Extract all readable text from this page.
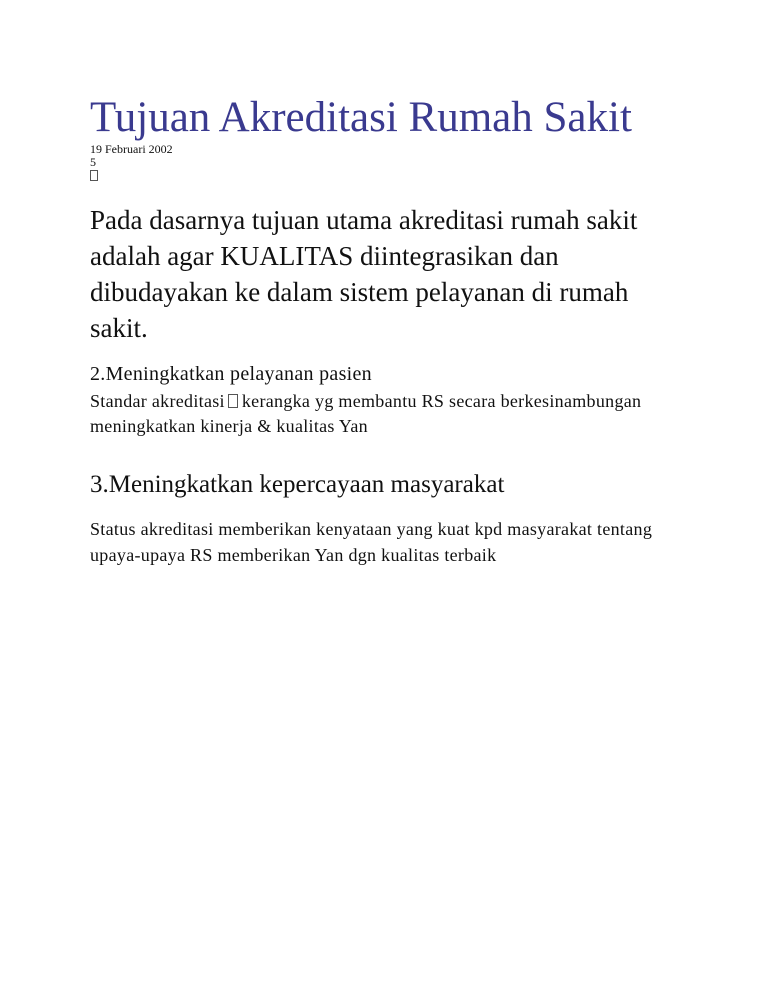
Tujuan Akreditasi Rumah Sakit
19 Februari 2002
5

Pada dasarnya tujuan utama akreditasi rumah sakit adalah agar KUALITAS diintegrasikan dan dibudayakan ke dalam sistem pelayanan di rumah sakit.

2.Meningkatkan pelayanan pasien

Standar akreditasi kerangka yg membantu RS secara berkesinambungan meningkatkan kinerja & kualitas Yan

3.Meningkatkan kepercayaan masyarakat

Status akreditasi memberikan kenyataan yang kuat kpd masyarakat tentang upaya-upaya RS memberikan Yan dgn kualitas terbaik
